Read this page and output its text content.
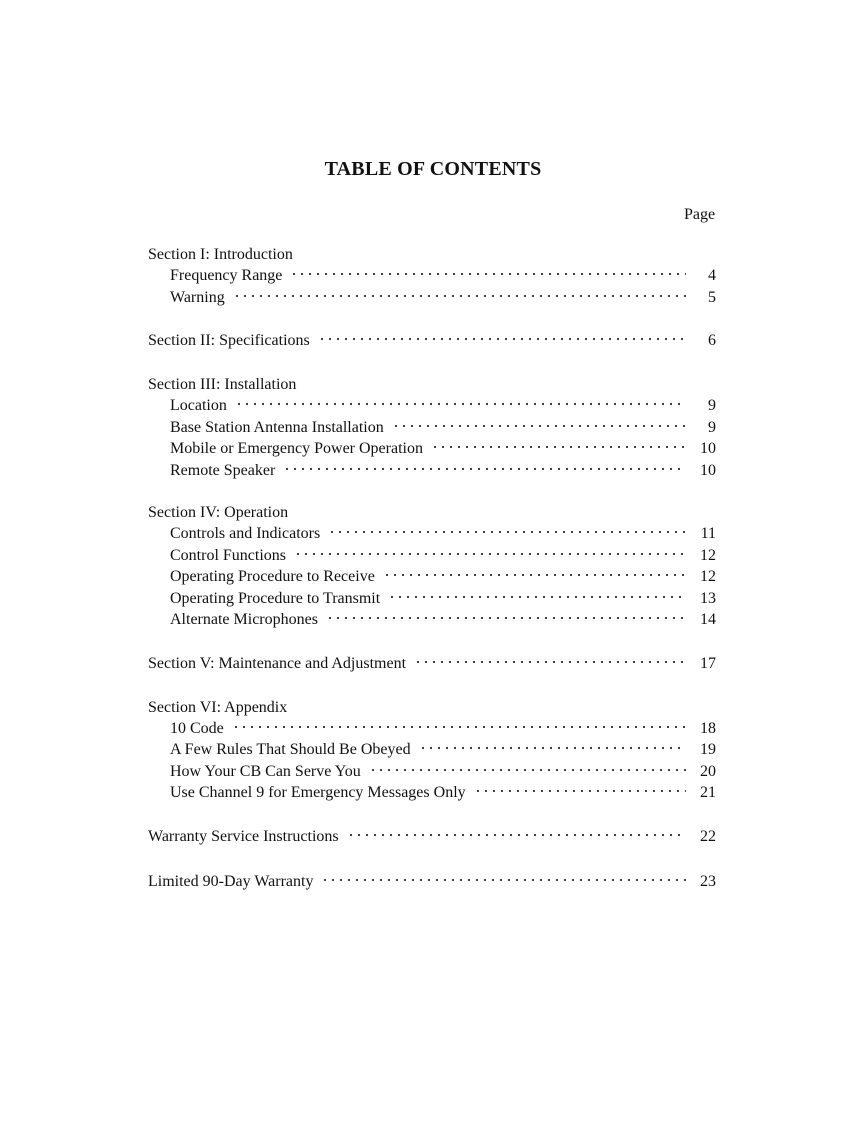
TABLE OF CONTENTS
Page
Section I: Introduction
Frequency Range	4
Warning	5
Section II: Specifications	6
Section III: Installation
Location	9
Base Station Antenna Installation	9
Mobile or Emergency Power Operation	10
Remote Speaker	10
Section IV: Operation
Controls and Indicators	11
Control Functions	12
Operating Procedure to Receive	12
Operating Procedure to Transmit	13
Alternate Microphones	14
Section V: Maintenance and Adjustment	17
Section VI: Appendix
10 Code	18
A Few Rules That Should Be Obeyed	19
How Your CB Can Serve You	20
Use Channel 9 for Emergency Messages Only	21
Warranty Service Instructions	22
Limited 90-Day Warranty	23
